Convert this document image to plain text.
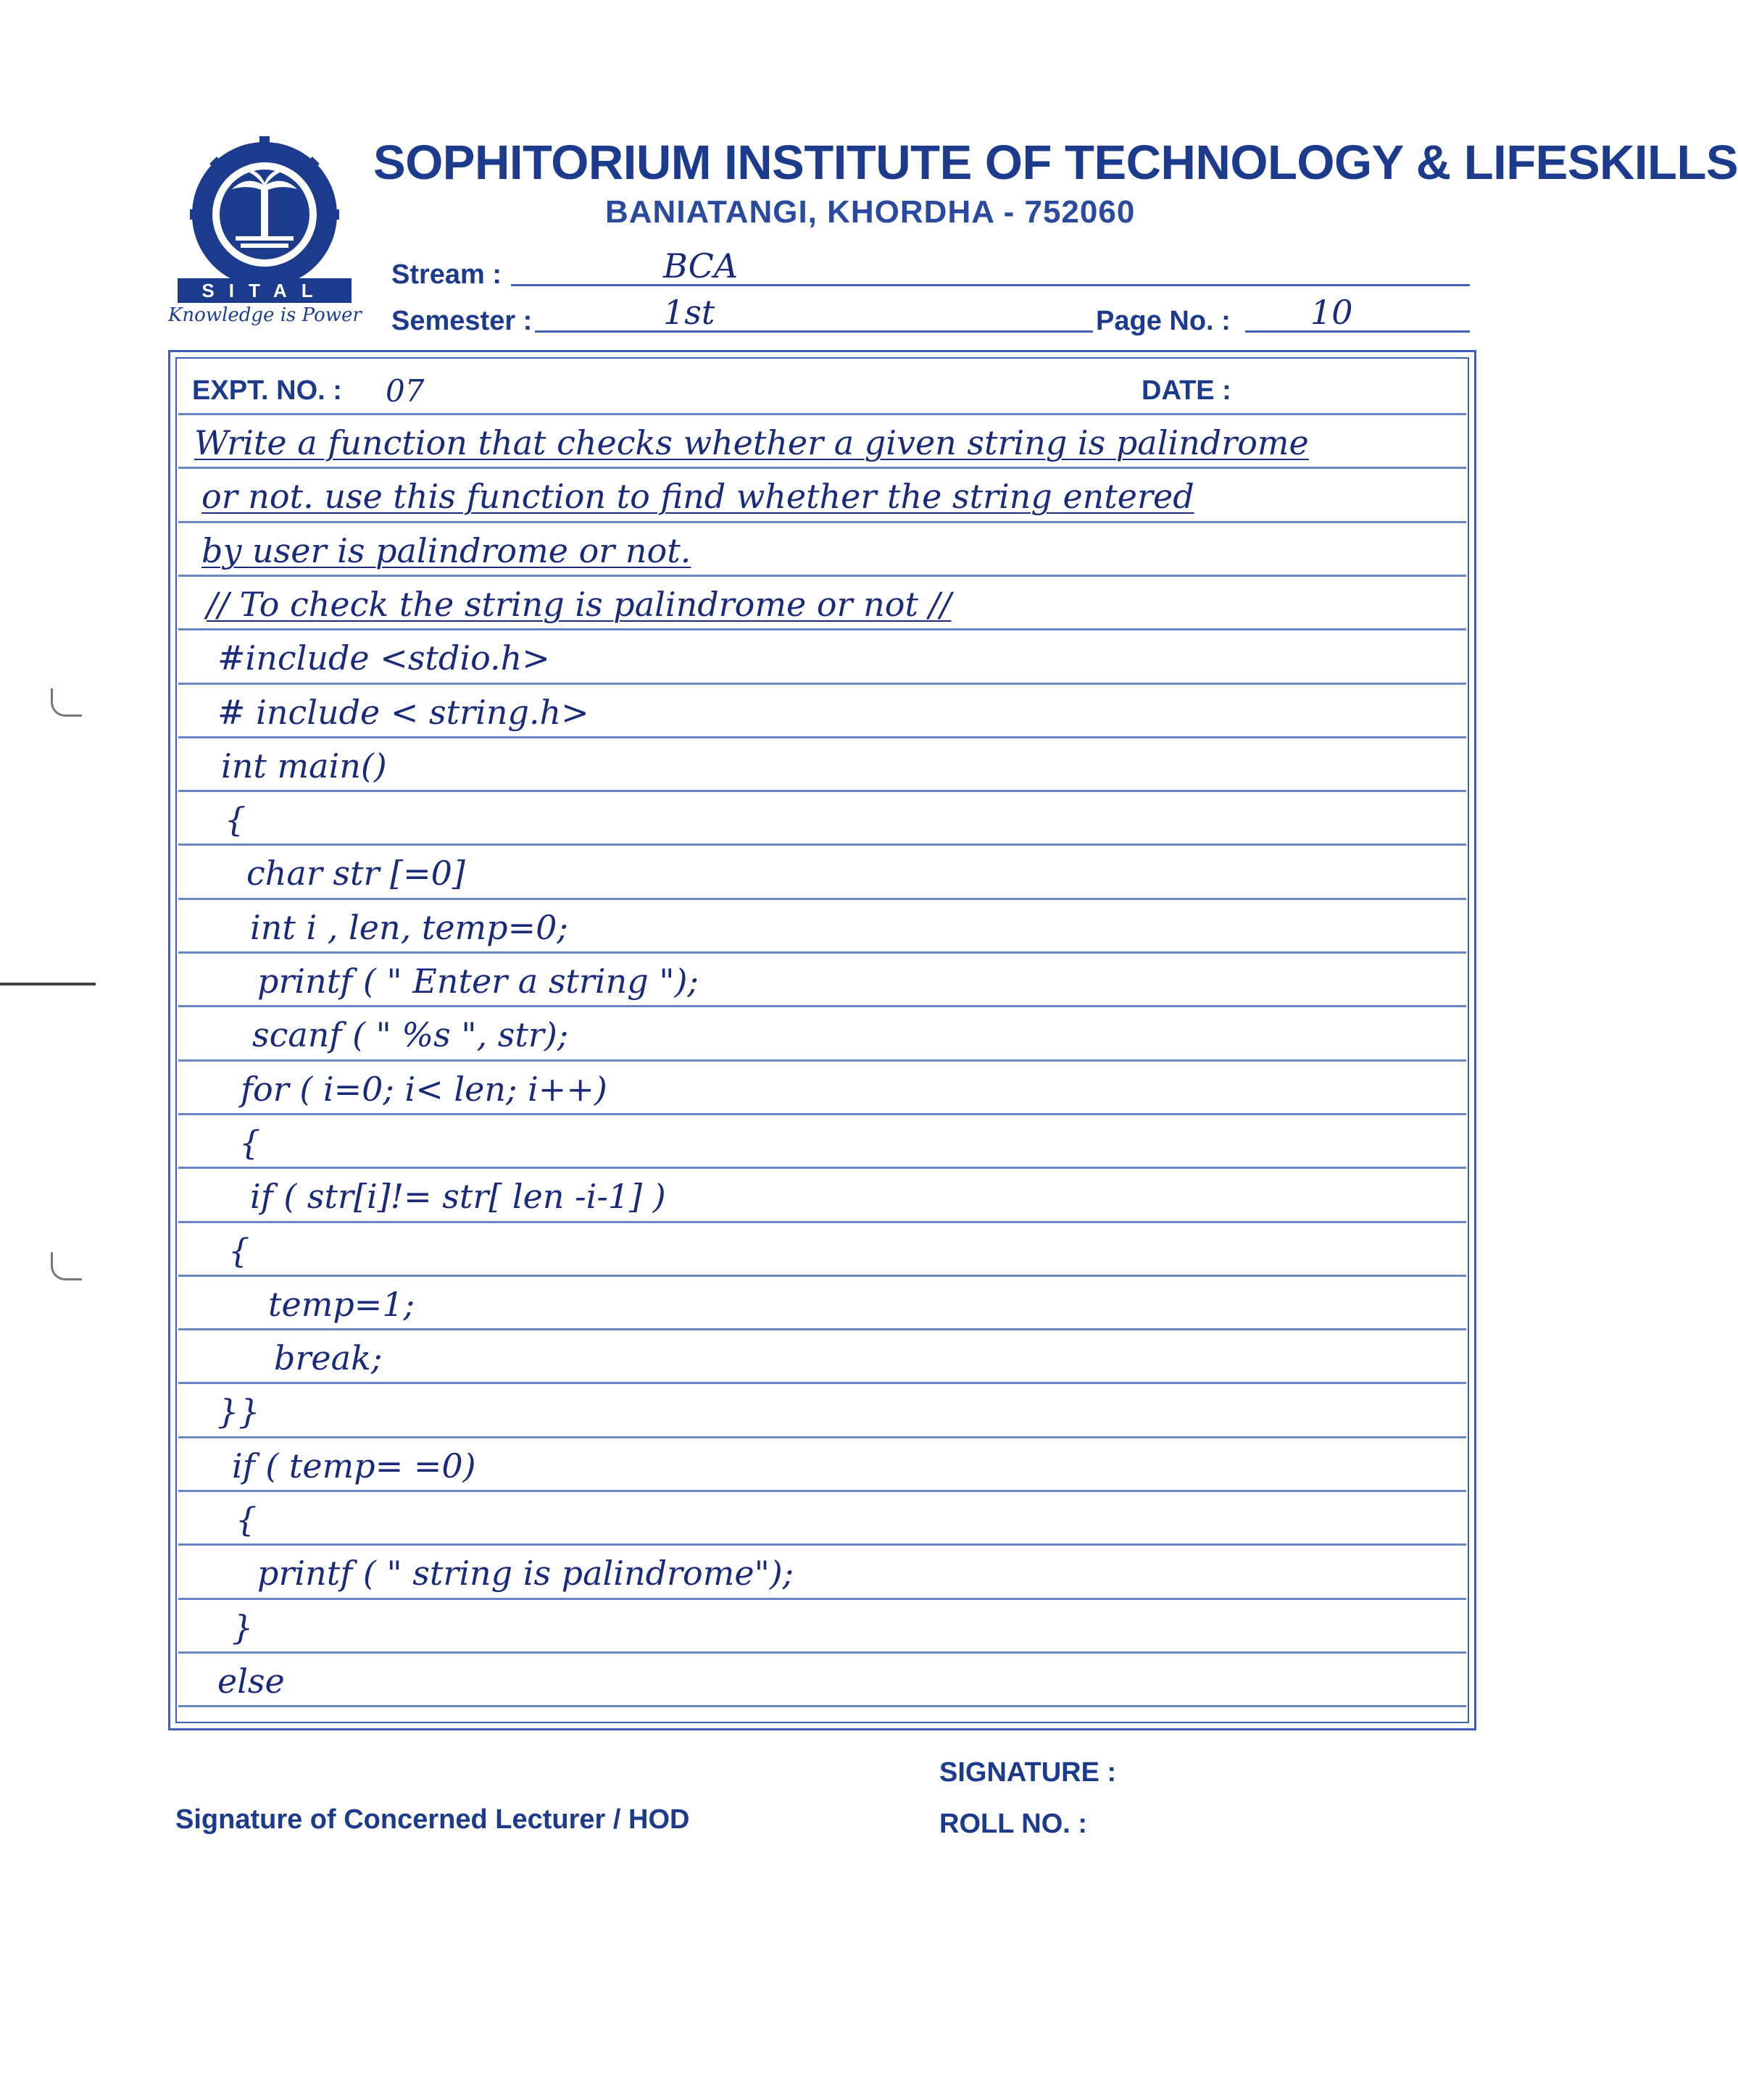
SITAL
Knowledge is Power
SOPHITORIUM INSTITUTE OF TECHNOLOGY & LIFESKILLS
BANIATANGI, KHORDHA - 752060
Stream :	BCA
Semester :	1st	Page No. : 10
EXPT. NO. : 07	DATE :
Write a function that checks whether a given string is palindrome
or not. use this function to find whether the string entered
by user is palindrome or not.
// To check the string is palindrome or not //
#include <stdio.h>
# include < string.h>
int main()
{
char str [=0]
int i , len, temp=0;
printf ( " Enter a string ");
scanf ( " %s ", str);
for ( i=0; i< len; i++)
{
if ( str[i]!= str[ len -i-1] )
{
temp=1;
break;
}}
if ( temp= =0)
{
printf ( " string is palindrome");
}
else
SIGNATURE :
ROLL NO. :
Signature of Concerned Lecturer / HOD
